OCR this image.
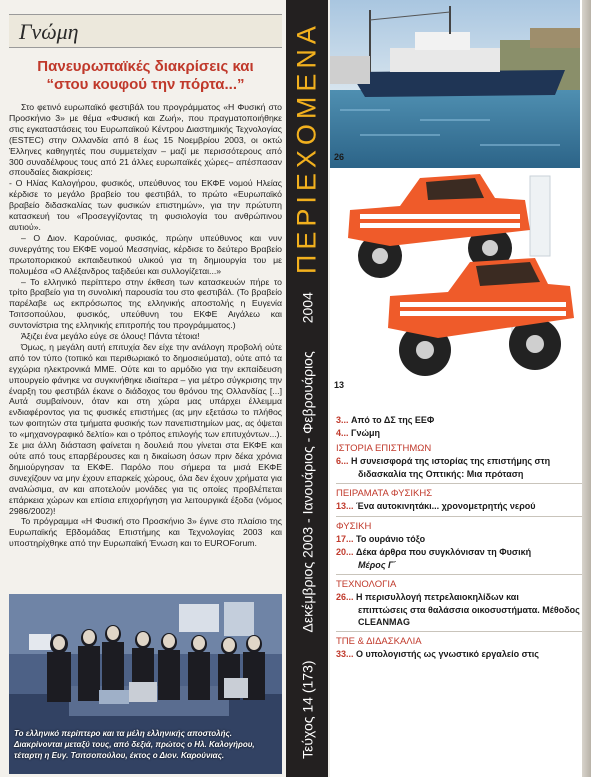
Γνώμη
Πανευρωπαϊκές διακρίσεις και
“στου κουφού την πόρτα...”

Στο φετινό ευρωπαϊκό φεστιβάλ του προγράμματος «Η Φυσική στο Προσκήνιο 3» με θέμα «Φυσική και Ζωή», που πραγματοποιήθηκε στις εγκαταστάσεις του Ευρωπαϊκού Κέντρου Διαστημικής Τεχνολογίας (ESTEC) στην Ολλανδία από 8 έως 15 Νοεμβρίου 2003, οι οκτώ Έλληνες καθηγητές που συμμετείχαν – μαζί με περισσότερους από 300 συναδέλφους τους από 21 άλλες ευρωπαϊκές χώρες– απέσπασαν σπουδαίες διακρίσεις:

- Ο Ηλίας Καλογήρου, φυσικός, υπεύθυνος του ΕΚΦΕ νομού Ηλείας κέρδισε το μεγάλο βραβείο του φεστιβάλ, το πρώτο «Ευρωπαϊκό βραβείο διδασκαλίας των φυσικών επιστημών», για την πρώτυπη κατασκευή του «Προσεγγίζοντας τη φυσιολογία του ανθρώπινου αυτιού».

– Ο Διον. Καρούνιας, φυσικός, πρώην υπεύθυνος και νυν συνεργάτης του ΕΚΦΕ νομού Μεσσηνίας, κέρδισε το δεύτερο Βραβείο πρωτοποριακού εκπαιδευτικού υλικού για τη δημιουργία του με πολυμέσα «Ο Αλέξανδρος ταξιδεύει και συλλογίζεται...»

– Το ελληνικό περίπτερο στην έκθεση των κατασκευών πήρε το τρίτο βραβείο για τη συνολική παρουσία του στο φεστιβάλ. (Το βραβείο παρέλαβε ως εκπρόσωπος της ελληνικής αποστολής η Ευγενία Τσιτσοπούλου, φυσικός, υπεύθυνη του ΕΚΦΕ Αιγάλεω και συντονίστρια της ελληνικής επιτροπής του προγράμματος.)

Άξιζει ένα μεγάλο εύγε σε όλους! Πάντα τέτοια!

Όμως, η μεγάλη αυτή επιτυχία δεν είχε την ανάλογη προβολή ούτε από τον τύπο (τοπικό και περιθωριακό το δημοσιεύματα), ούτε από τα εγχώρια ηλεκτρονικά ΜΜΕ. Ούτε και το αρμόδιο για την εκπαίδευση υπουργείο φάνηκε να συγκινήθηκε ιδιαίτερα – για μέτρο σύγκρισης την έναρξη του φεστιβάλ έκανε ο διάδοχος του θρόνου της Ολλανδίας [...] Αυτά συμβαίνουν, όταν και στη χώρα μας υπάρχει έλλειμμα ενδιαφέροντος για τις φυσικές επιστήμες (ας μην εξετάσω το πλήθος των φοιτητών στα τμήματα φυσικής των πανεπιστημίων μας, ας όψεται το «μηχανογραφικό δελτίο» και ο τρόπος επιλογής των επιτυχόντων...). Σε μια άλλη διάσταση φαίνεται η δουλειά που γίνεται στα ΕΚΦΕ και ούτε από τους επαρβέρουσες και η δικαίωση όσων πριν δέκα χρόνια δημιούργησαν τα ΕΚΦΕ. Παρόλο που σήμερα τα μισά ΕΚΦΕ συνεχίζουν να μην έχουν επαρκείς χώρους, όλα δεν έχουν χρήματα για αναλώσιμα, αν και αποτελούν μονάδες για τις οποίες προβλέπεται επάρκεια χώρων και επίσια επιχορήγηση για λειτουργικά έξοδα (νόμος 2986/2002)!

Το πρόγραμμα «Η Φυσική στο Προσκήνιο 3» έγινε στο πλαίσιο της Ευρωπαϊκής Εβδομάδας Επιστήμης και Τεχνολογίας 2003 και υποστηρίχθηκε από την Ευρωπαϊκή Ένωση και το EUROForum.

Το ελληνικό περίπτερο και τα μέλη ελληνικής αποστολής. Διακρίνονται μεταξύ τους, από δεξιά, πρώτος ο Ηλ. Καλογήρου, τέταρτη η Ευγ. Τσιτσοπούλου, έκτος ο Διον. Καρούνιας.	Τεύχος 14 (173)
Δεκέμβριος 2003 - Ιανουάριος - Φεβρουάριος
2004
ΠΕΡΙΕΧΟΜΕΝΑ 26
13
3... Από το ΔΣ της ΕΕΦ
4... Γνώμη
ΙΣΤΟΡΙΑ ΕΠΙΣΤΗΜΩΝ
6... Η συνεισφορά της ιστορίας της επιστήμης στη
διδασκαλία της Οπτικής: Μια πρόταση
ΠΕΙΡΑΜΑΤΑ ΦΥΣΙΚΗΣ
13... Ένα αυτοκινητάκι... χρονομετρητής νερού
ΦΥΣΙΚΗ
17... Το ουράνιο τόξο
20... Δέκα άρθρα που συγκλόνισαν τη Φυσική
Μέρος Γ΄
ΤΕΧΝΟΛΟΓΙΑ
26... Η περισυλλογή πετρελαιοκηλίδων και
επιπτώσεις στα θαλάσσια οικοσυστήματα. Μέθοδος
CLEANMAG
ΤΠΕ & ΔΙΔΑΣΚΑΛΙΑ
33... Ο υπολογιστής ως γνωστικό εργαλείο στις
